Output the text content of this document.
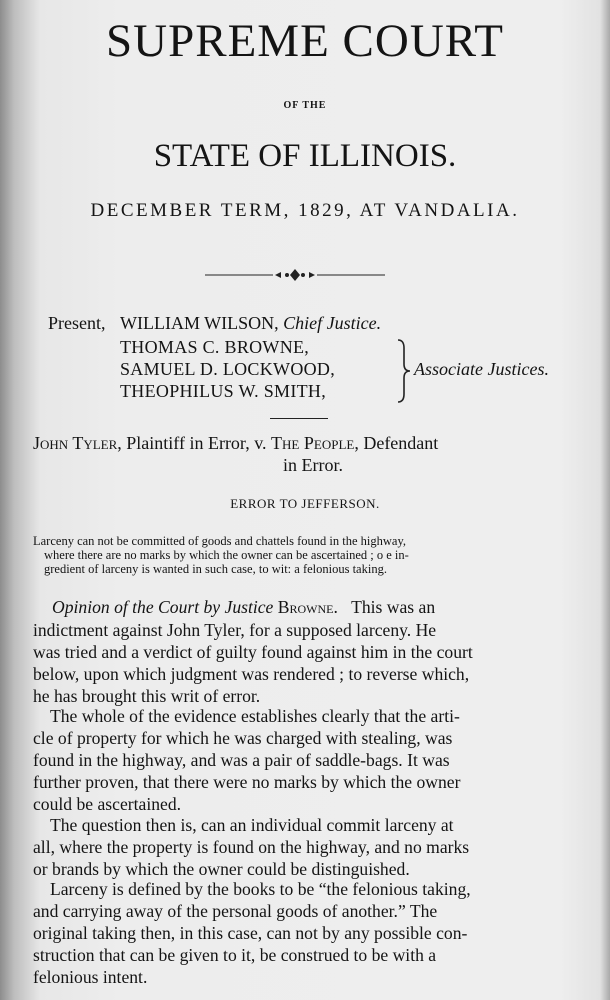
SUPREME COURT
OF THE
STATE OF ILLINOIS.
DECEMBER TERM, 1829, AT VANDALIA.
Present, WILLIAM WILSON, Chief Justice.
THOMAS C. BROWNE,
SAMUEL D. LOCKWOOD,
THEOPHILUS W. SMITH,
Associate Justices.
John Tyler, Plaintiff in Error, v. The People, Defendant
in Error.
ERROR TO JEFFERSON.
Larceny can not be committed of goods and chattels found in the highway,
where there are no marks by which the owner can be ascertained ; o e in-
gredient of larceny is wanted in such case, to wit: a felonious taking.
Opinion of the Court by Justice Browne. This was an
indictment against John Tyler, for a supposed larceny. He
was tried and a verdict of guilty found against him in the court
below, upon which judgment was rendered ; to reverse which,
he has brought this writ of error.
The whole of the evidence establishes clearly that the arti-
cle of property for which he was charged with stealing, was
found in the highway, and was a pair of saddle-bags. It was
further proven, that there were no marks by which the owner
could be ascertained.
The question then is, can an individual commit larceny at
all, where the property is found on the highway, and no marks
or brands by which the owner could be distinguished.
Larceny is defined by the books to be “the felonious taking,
and carrying away of the personal goods of another.” The
original taking then, in this case, can not by any possible con-
struction that can be given to it, be construed to be with a
felonious intent.
